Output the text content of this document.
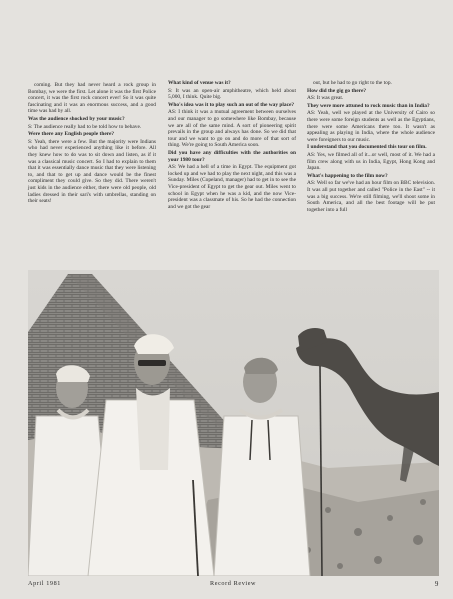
coming. But they had never heard a rock group in Bombay, we were the first. Let alone it was the first Police concert, it was the first rock concert ever! So it was quite fascinating and it was an enormous success, and a good time was had by all.

Was the audience shocked by your music?

S: The audience really had to be told how to behave.

Were there any English people there?

S: Yeah, there were a few. But the majority were Indians who had never experienced anything like it before. All they knew how to do was to sit down and listen, as if it was a classical music concert. So I had to explain to them that it was essentially dance music that they were listening to, and that to get up and dance would be the finest compliment they could give. So they did. There weren't just kids in the audience either, there were old people, old ladies dressed in their sari's with umbrellas, standing on their seats!

What kind of venue was it?

S: It was an open-air amphitheatre, which held about 5,000, I think. Quite big.

Who's idea was it to play such an out of the way place?

AS: I think it was a mutual agreement between ourselves and our manager to go somewhere like Bombay, because we are all of the same mind. A sort of pioneering spirit prevails in the group and always has done. So we did that tour and we want to go on and do more of that sort of thing. We're going to South America soon.

Did you have any difficulties with the authorities on your 1980 tour?

AS: We had a hell of a time in Egypt. The equipment got locked up and we had to play the next night, and this was a Sunday. Miles (Copeland, manager) had to get in to see the Vice-president of Egypt to get the gear out. Miles went to school in Egypt when he was a kid, and the now Vice-president was a classmate of his. So he had the connection and we got the gear

out, but he had to go right to the top.

How did the gig go there?

AS: It was great.

They were more attuned to rock music than in India?

AS: Yeah, well we played at the University of Cairo so there were some foreign students as well as the Egyptians, there were some Americans there too. It wasn't as appealing as playing in India, where the whole audience were foreigners to our music.

I understand that you documented this tour on film.

AS: Yes, we filmed all of it...or well, most of it. We had a film crew along with us in India, Egypt, Hong Kong and Japan.

What's happening to the film now?

AS: Well so far we've had an hour film on BBC television. It was all put together and called "Police in the East" -- it was a big success. We're still filming, we'll shoot some in South America, and all the best footage will be put together into a full

April 1981	Record Review	9
